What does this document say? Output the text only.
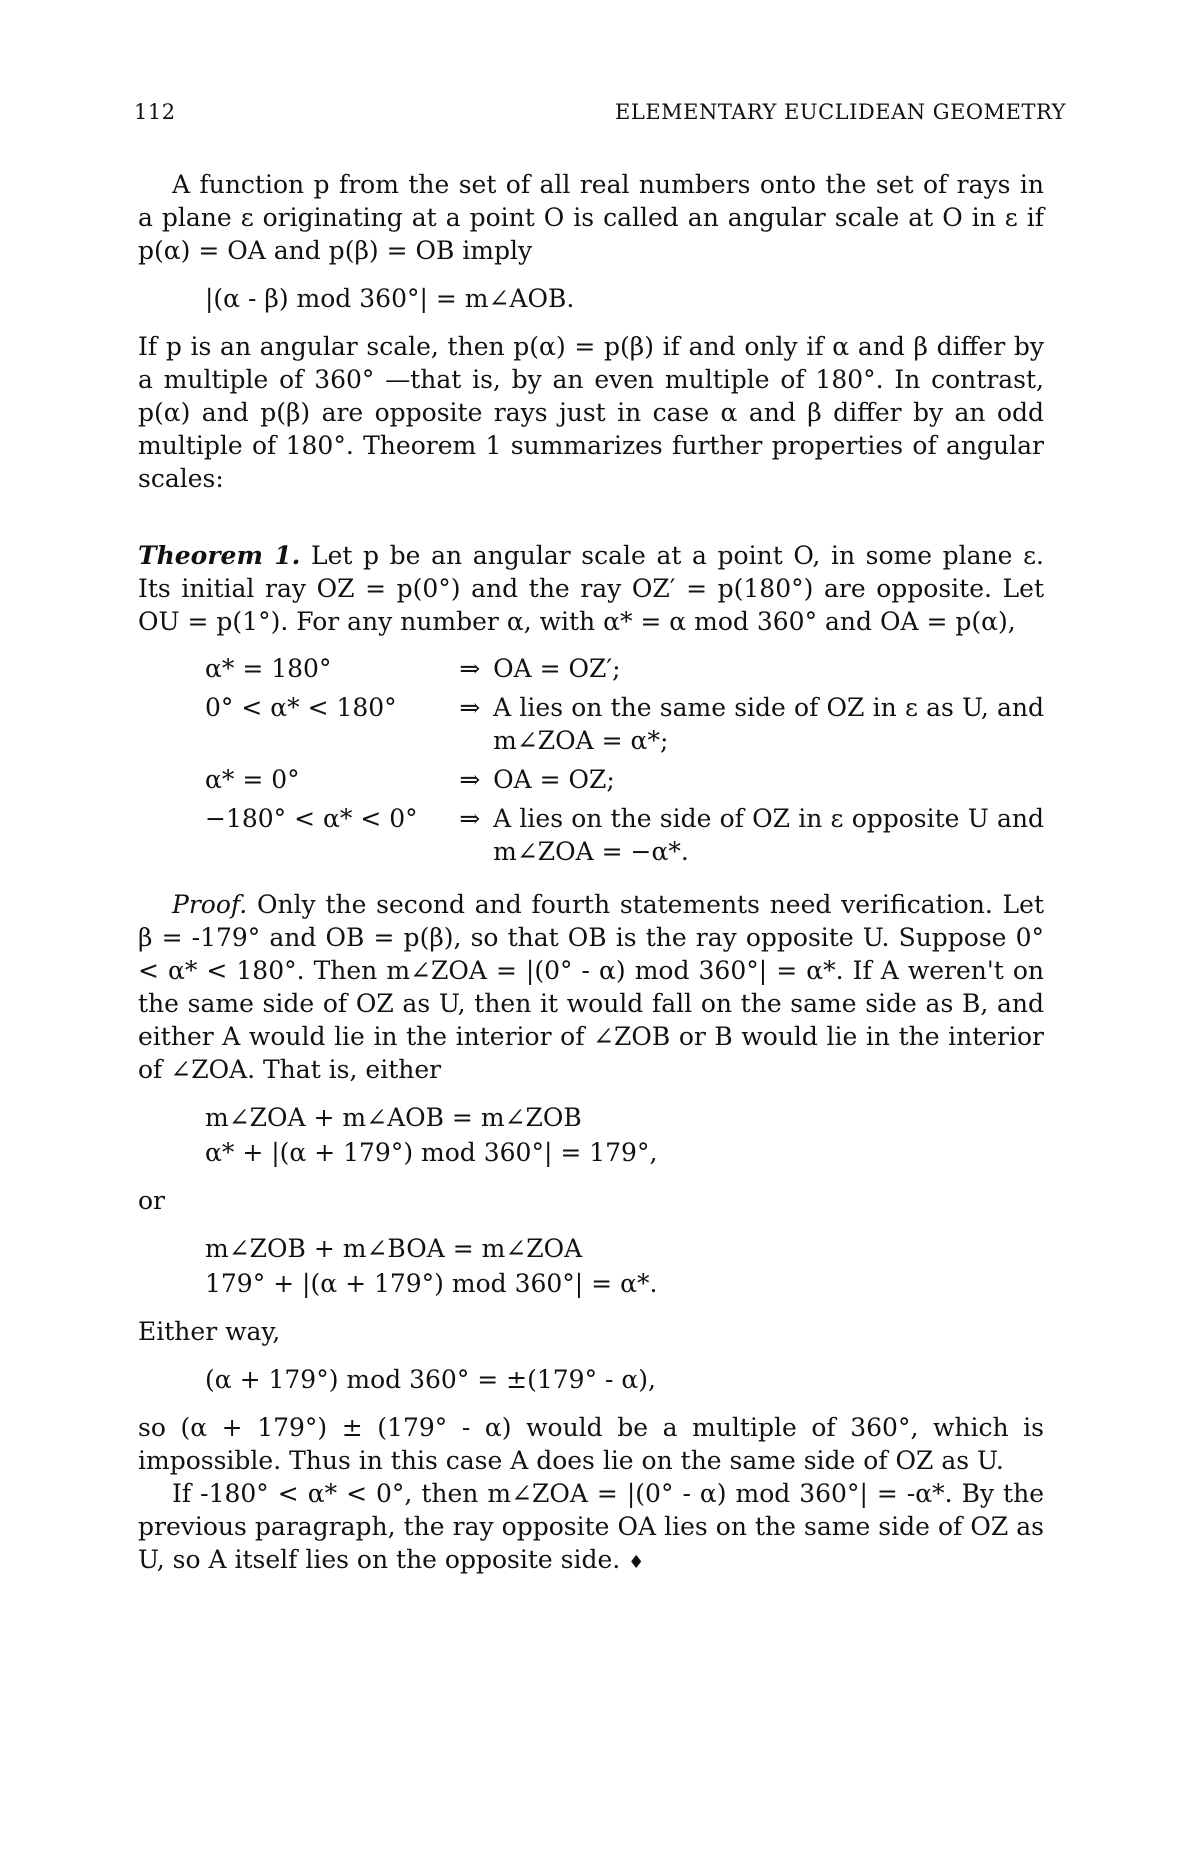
112	ELEMENTARY EUCLIDEAN GEOMETRY

A function p from the set of all real numbers onto the set of rays in a plane ε originating at a point O is called an angular scale at O in ε if p(α) = OA and p(β) = OB imply

|(α - β) mod 360°| = m∠AOB.

If p is an angular scale, then p(α) = p(β) if and only if α and β differ by a multiple of 360° —that is, by an even multiple of 180°. In contrast, p(α) and p(β) are opposite rays just in case α and β differ by an odd multiple of 180°. Theorem 1 summarizes further properties of angular scales:

Theorem 1. Let p be an angular scale at a point O, in some plane ε. Its initial ray OZ = p(0°) and the ray OZ′ = p(180°) are opposite. Let OU = p(1°). For any number α, with α* = α mod 360° and OA = p(α),

α* = 180°	⇒	OA = OZ′;
0° < α* < 180°	⇒	A lies on the same side of OZ in ε as U, and m∠ZOA = α*;
α* = 0°	⇒	OA = OZ;
−180° < α* < 0°	⇒	A lies on the side of OZ in ε opposite U and m∠ZOA = −α*.

Proof. Only the second and fourth statements need verification. Let β = -179° and OB = p(β), so that OB is the ray opposite U. Suppose 0° < α* < 180°. Then m∠ZOA = |(0° - α) mod 360°| = α*. If A weren't on the same side of OZ as U, then it would fall on the same side as B, and either A would lie in the interior of ∠ZOB or B would lie in the interior of ∠ZOA. That is, either

m∠ZOA + m∠AOB = m∠ZOB
α* + |(α + 179°) mod 360°| = 179°,

or

m∠ZOB + m∠BOA = m∠ZOA
179° + |(α + 179°) mod 360°| = α*.

Either way,

(α + 179°) mod 360° = ±(179° - α),

so (α + 179°) ± (179° - α) would be a multiple of 360°, which is impossible. Thus in this case A does lie on the same side of OZ as U.

If -180° < α* < 0°, then m∠ZOA = |(0° - α) mod 360°| = -α*. By the previous paragraph, the ray opposite OA lies on the same side of OZ as U, so A itself lies on the opposite side. ♦
